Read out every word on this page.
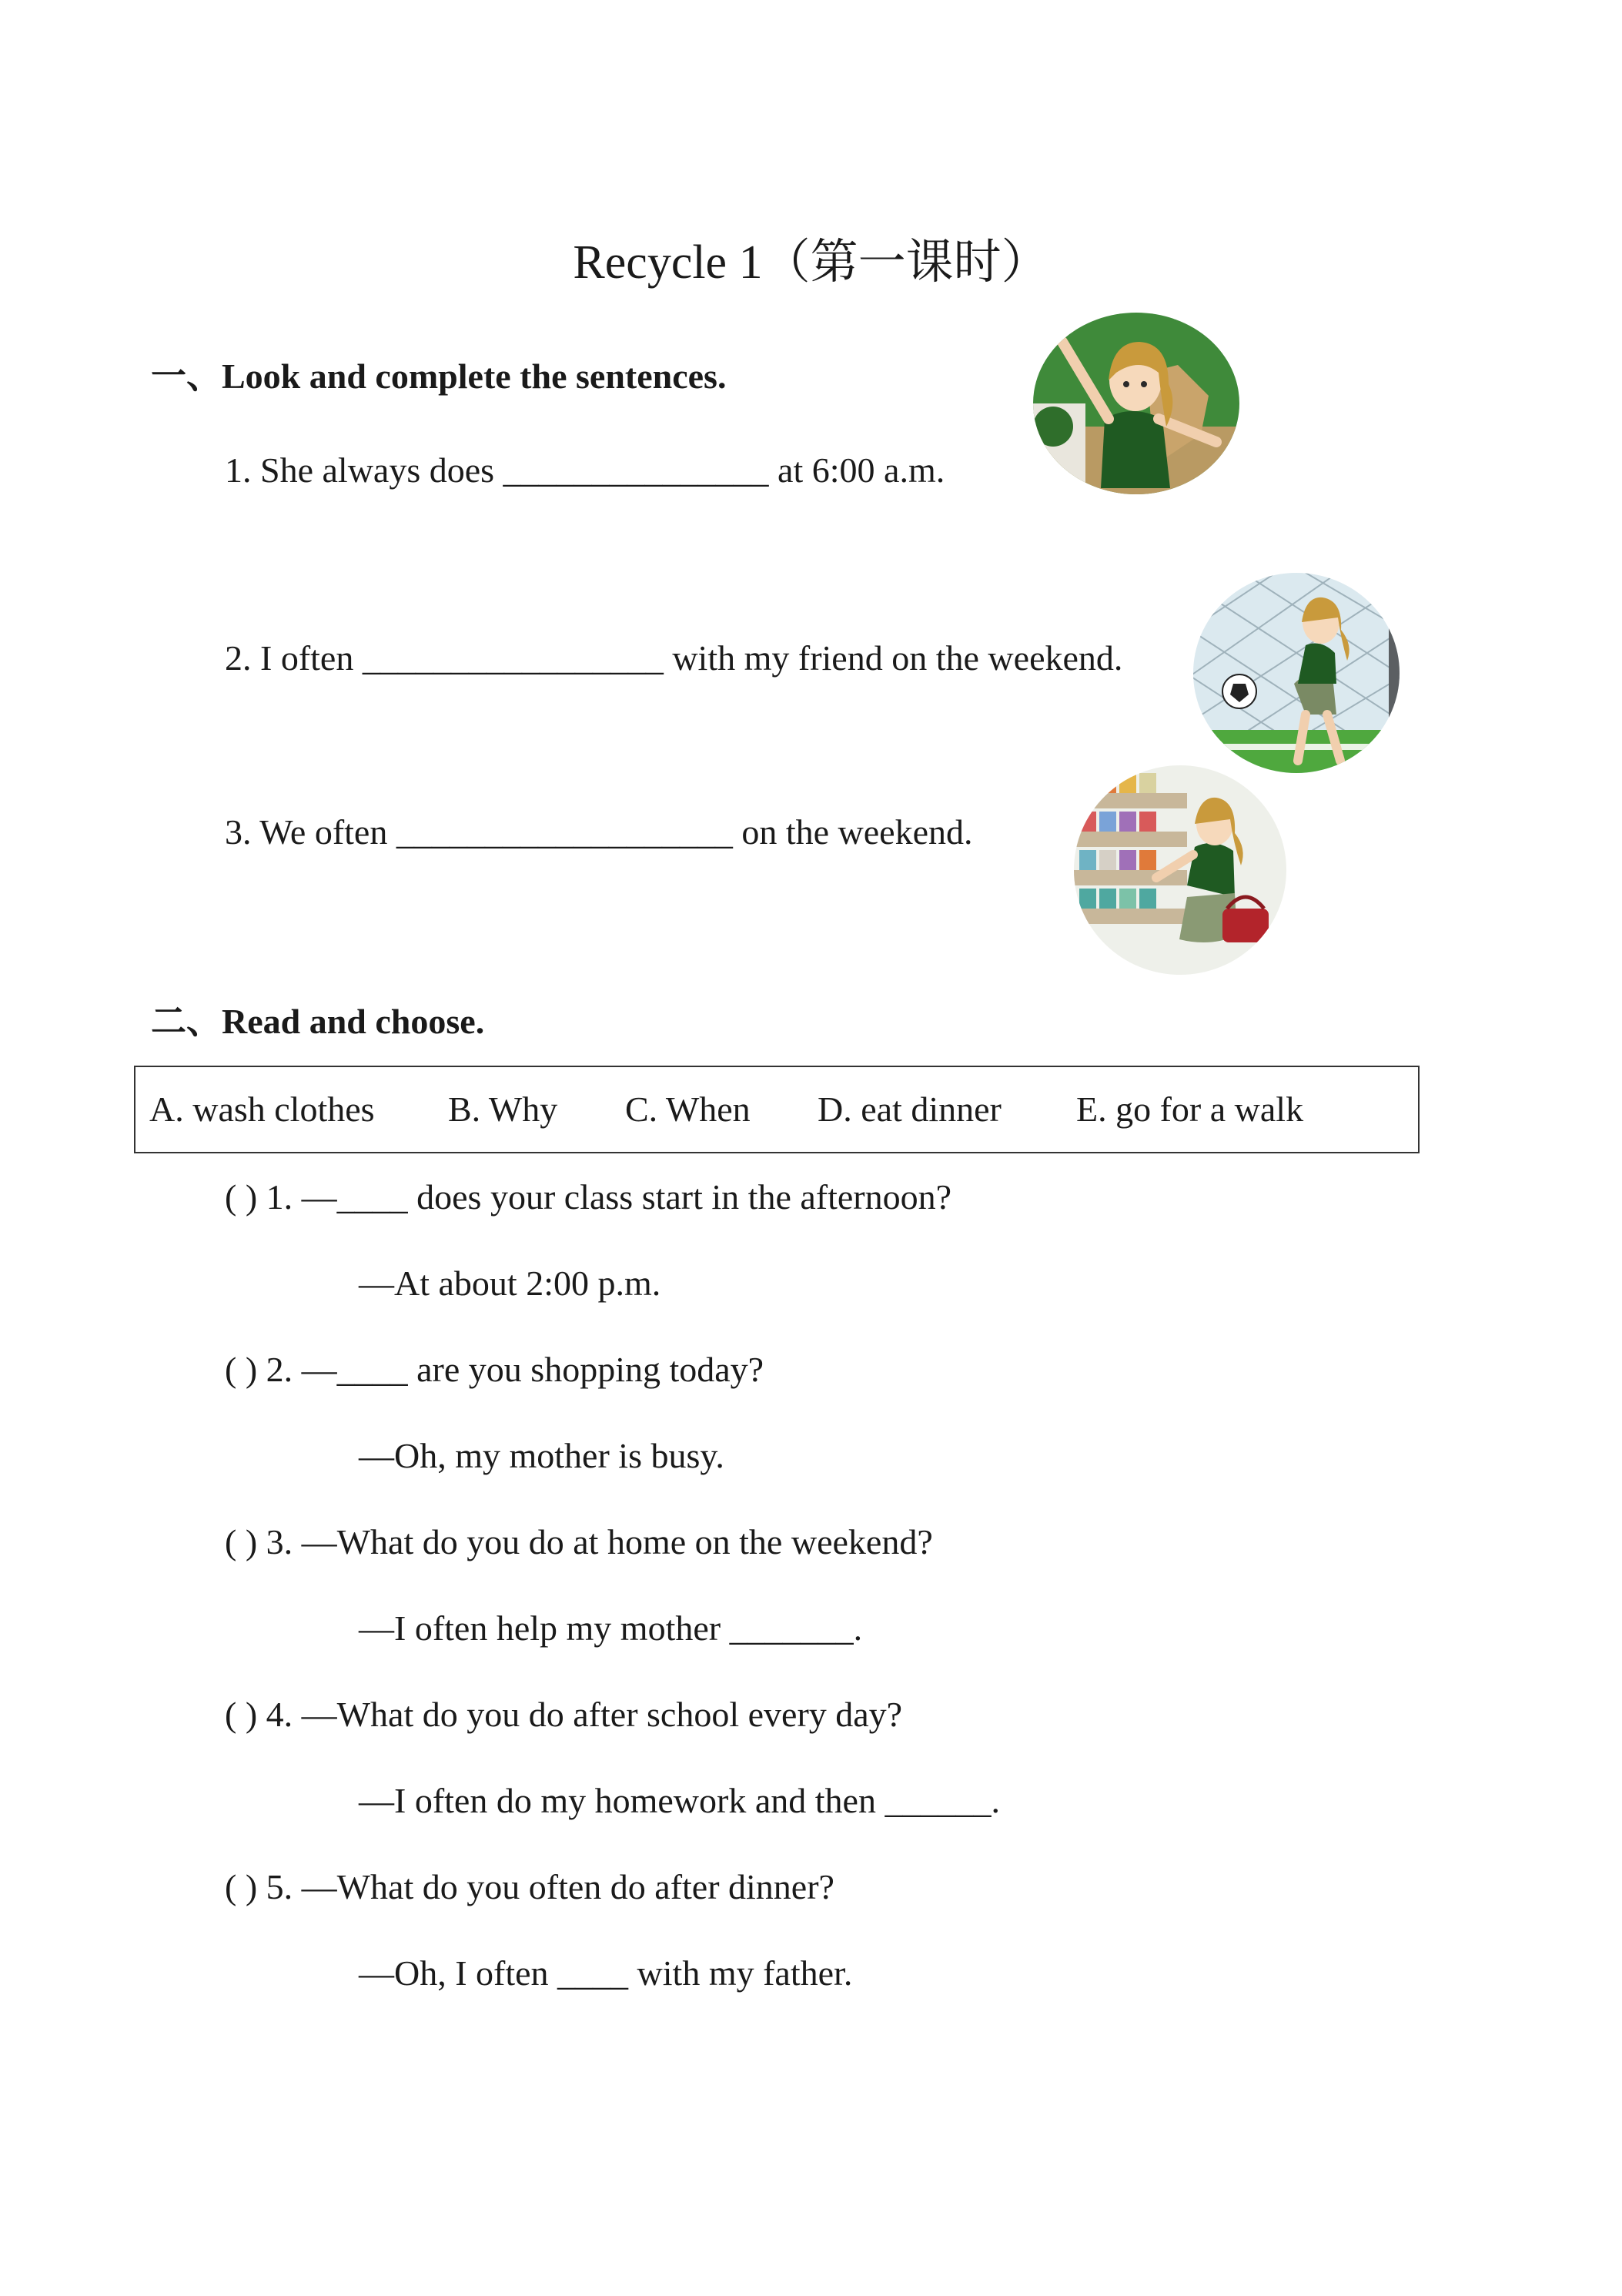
Recycle 1（第一课时）
一、Look and complete the sentences.
1. She always does _______________ at 6:00 a.m.
2. I often _________________ with my friend on the weekend.
3. We often ___________________ on the weekend.
二、Read and choose.
A. wash clothes B. Why C. When D. eat dinner E. go for a walk
( ) 1. —____ does your class start in the afternoon?
—At about 2:00 p.m.
( ) 2. —____ are you shopping today?
—Oh, my mother is busy.
( ) 3. —What do you do at home on the weekend?
—I often help my mother _______.
( ) 4. —What do you do after school every day?
—I often do my homework and then ______.
( ) 5. —What do you often do after dinner?
—Oh, I often ____ with my father.
